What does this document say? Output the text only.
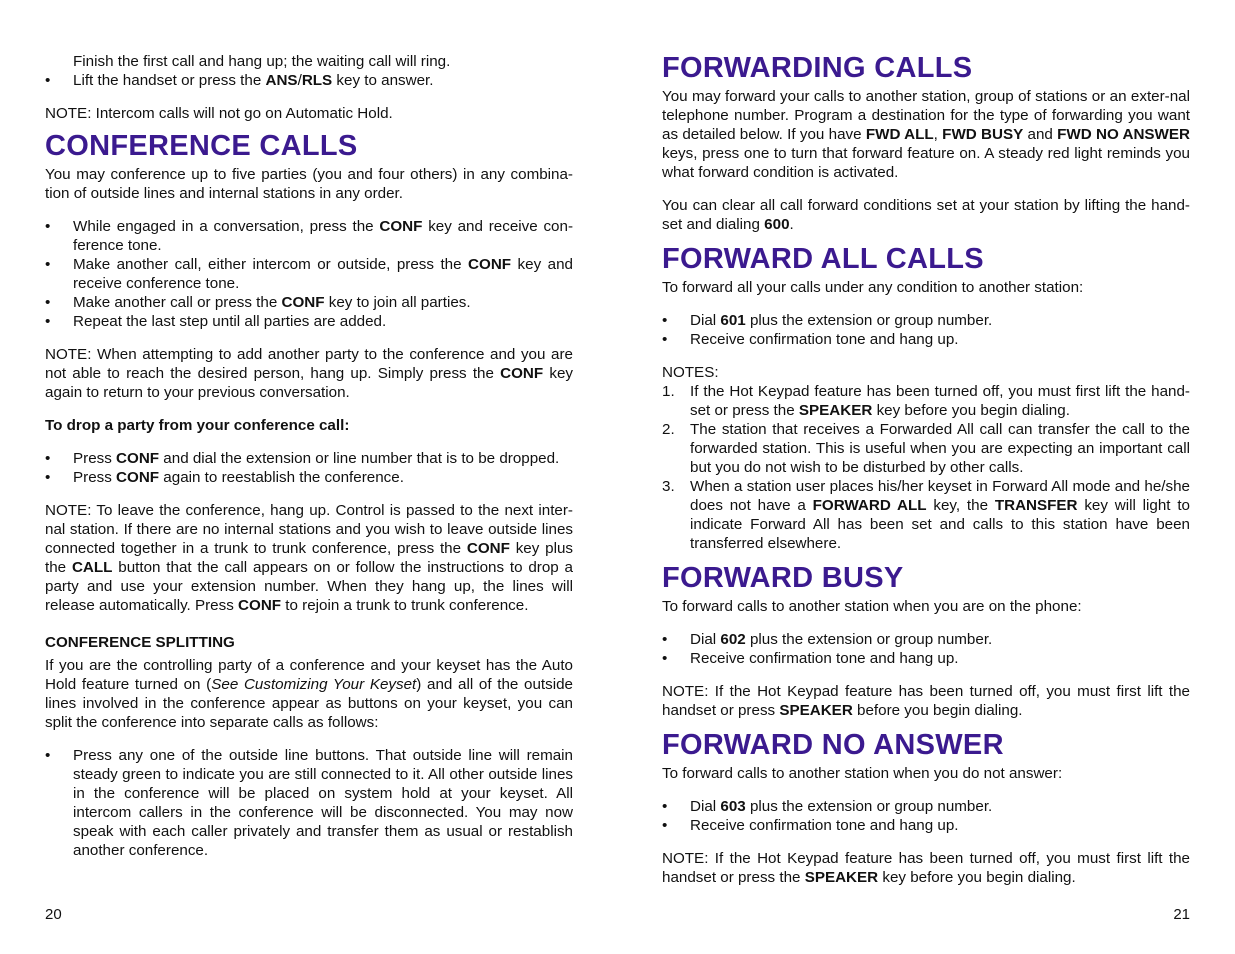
Finish the first call and hang up; the waiting call will ring.
•	Lift the handset or press the ANS/RLS key to answer.

NOTE: Intercom calls will not go on Automatic Hold.

CONFERENCE CALLS

You may conference up to five parties (you and four others) in any combina-tion of outside lines and internal stations in any order.

•	While engaged in a conversation, press the CONF key and receive con-ference tone.
•	Make another call, either intercom or outside, press the CONF key and receive conference tone.
•	Make another call or press the CONF key to join all parties.
•	Repeat the last step until all parties are added.

NOTE: When attempting to add another party to the conference and you are not able to reach the desired person, hang up. Simply press the CONF key again to return to your previous conversation.

To drop a party from your conference call:
•	Press CONF and dial the extension or line number that is to be dropped.
•	Press CONF again to reestablish the conference.

NOTE: To leave the conference, hang up. Control is passed to the next inter-nal station. If there are no internal stations and you wish to leave outside lines connected together in a trunk to trunk conference, press the CONF key plus the CALL button that the call appears on or follow the instructions to drop a party and use your extension number. When they hang up, the lines will release automatically. Press CONF to rejoin a trunk to trunk conference.

CONFERENCE SPLITTING

If you are the controlling party of a conference and your keyset has the Auto Hold feature turned on (See Customizing Your Keyset) and all of the outside lines involved in the conference appear as buttons on your keyset, you can split the conference into separate calls as follows:

•	Press any one of the outside line buttons. That outside line will remain steady green to indicate you are still connected to it. All other outside lines in the conference will be placed on system hold at your keyset. All intercom callers in the conference will be disconnected. You may now speak with each caller privately and transfer them as usual or restablish another conference.
20
FORWARDING CALLS

You may forward your calls to another station, group of stations or an exter-nal telephone number. Program a destination for the type of forwarding you want as detailed below. If you have FWD ALL, FWD BUSY and FWD NO ANSWER keys, press one to turn that forward feature on. A steady red light reminds you what forward condition is activated.

You can clear all call forward conditions set at your station by lifting the hand-set and dialing 600.

FORWARD ALL CALLS

To forward all your calls under any condition to another station:

•	Dial 601 plus the extension or group number.
•	Receive confirmation tone and hang up.

NOTES:

1.	If the Hot Keypad feature has been turned off, you must first lift the hand-set or press the SPEAKER key before you begin dialing.
2.	The station that receives a Forwarded All call can transfer the call to the forwarded station. This is useful when you are expecting an important call but you do not wish to be disturbed by other calls.
3.	When a station user places his/her keyset in Forward All mode and he/she does not have a FORWARD ALL key, the TRANSFER key will light to indicate Forward All has been set and calls to this station have been transferred elsewhere.
FORWARD BUSY

To forward calls to another station when you are on the phone:

•	Dial 602 plus the extension or group number.
•	Receive confirmation tone and hang up.

NOTE: If the Hot Keypad feature has been turned off, you must first lift the handset or press SPEAKER before you begin dialing.

FORWARD NO ANSWER

To forward calls to another station when you do not answer:

•	Dial 603 plus the extension or group number.
•	Receive confirmation tone and hang up.

NOTE: If the Hot Keypad feature has been turned off, you must first lift the handset or press the SPEAKER key before you begin dialing.

21
